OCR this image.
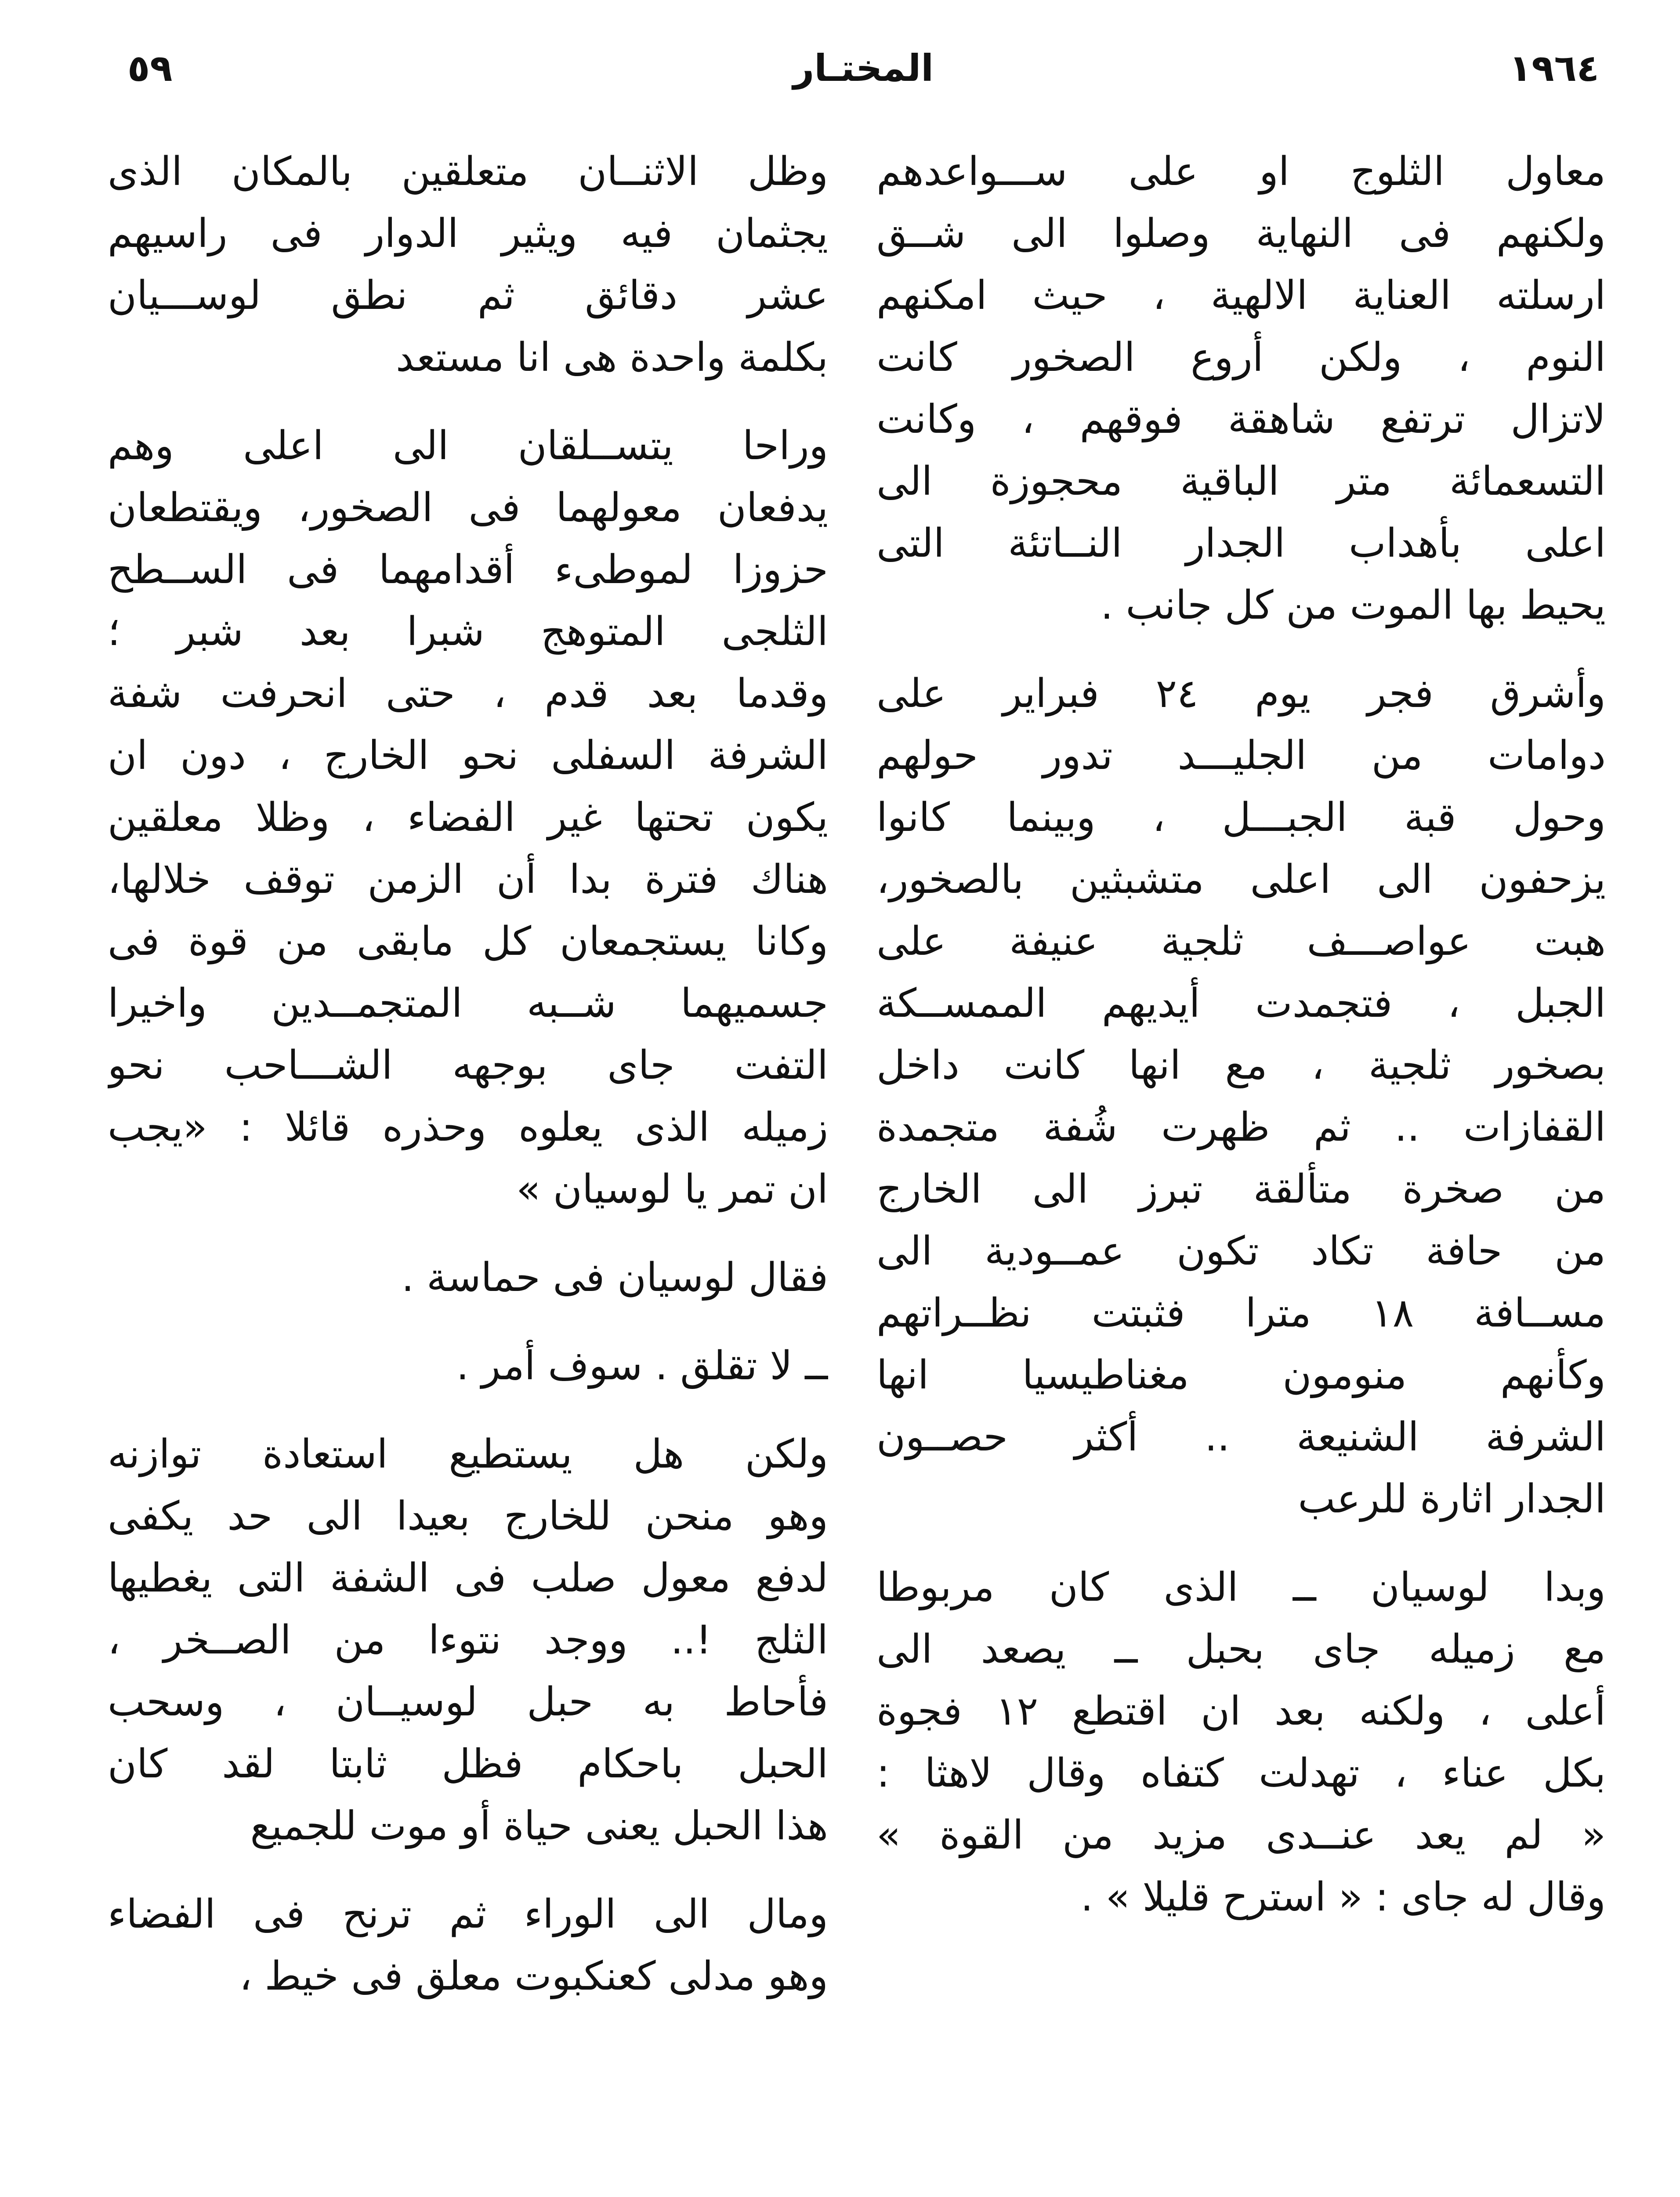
١٩٦٤
المختـار
٥٩
معاول الثلوج او على ســـواعدهم
ولكنهم فى النهاية وصلوا الى شــق
ارسلته العناية الالهية ، حيث امكنهم
النوم ، ولكن أروع الصخور كانت
لاتزال ترتفع شاهقة فوقهم ، وكانت
التسعمائة متر الباقية محجوزة الى
اعلى بأهداب الجدار النــاتئة التى
يحيط بها الموت من كل جانب .
وأشرق فجر يوم ٢٤ فبراير على
دوامات من الجليـــد تدور حولهم
وحول قبة الجبـــل ، وبينما كانوا
يزحفون الى اعلى متشبثين بالصخور،
هبت عواصـــف ثلجية عنيفة على
الجبل ، فتجمدت أيديهم الممســكة
بصخور ثلجية ، مع انها كانت داخل
القفازات .. ثم ظهرت شُفة متجمدة
من صخرة متألقة تبرز الى الخارج
من حافة تكاد تكون عمــودية الى
مســافة ١٨ مترا فثبتت نظــراتهم
وكأنهم منومون مغناطيسيا انها
الشرفة الشنيعة .. أكثر حصــون
الجدار اثارة للرعب
وبدا لوسيان ــ الذى كان مربوطا
مع زميله جاى بحبل ــ يصعد الى
أعلى ، ولكنه بعد ان اقتطع ١٢ فجوة
بكل عناء ، تهدلت كتفاه وقال لاهثا :
« لم يعد عنــدى مزيد من القوة »
وقال له جاى : « استرح قليلا » .
وظل الاثنــان متعلقين بالمكان الذى
يجثمان فيه ويثير الدوار فى راسيهم
عشر دقائق ثم نطق لوســـيان
بكلمة واحدة هى انا مستعد
وراحا يتســلقان الى اعلى وهم
يدفعان معولهما فى الصخور، ويقتطعان
حزوزا لموطىء أقدامهما فى الســطح
الثلجى المتوهج شبرا بعد شبر ؛
وقدما بعد قدم ، حتى انحرفت شفة
الشرفة السفلى نحو الخارج ، دون ان
يكون تحتها غير الفضاء ، وظلا معلقين
هناك فترة بدا أن الزمن توقف خلالها،
وكانا يستجمعان كل مابقى من قوة فى
جسميهما شــبه المتجمــدين واخيرا
التفت جاى بوجهه الشـــاحب نحو
زميله الذى يعلوه وحذره قائلا : «يجب
ان تمر يا لوسيان »
فقال لوسيان فى حماسة .
ــ لا تقلق . سوف أمر .
ولكن هل يستطيع استعادة توازنه
وهو منحن للخارج بعيدا الى حد يكفى
لدفع معول صلب فى الشفة التى يغطيها
الثلج !.. ووجد نتوءا من الصــخر ،
فأحاط به حبل لوسيــان ، وسحب
الحبل باحكام فظل ثابتا لقد كان
هذا الحبل يعنى حياة أو موت للجميع
ومال الى الوراء ثم ترنح فى الفضاء
وهو مدلى كعنكبوت معلق فى خيط ،
